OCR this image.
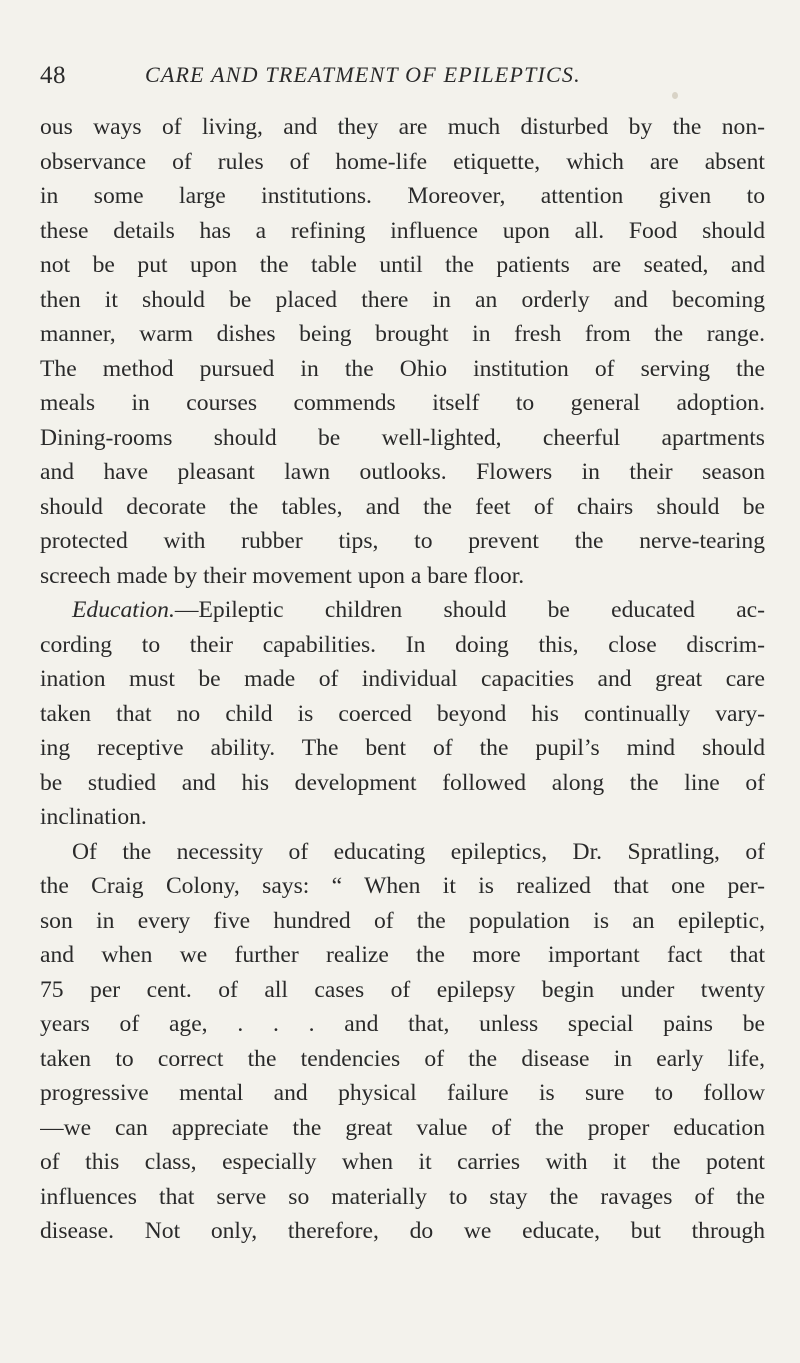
48	CARE AND TREATMENT OF EPILEPTICS.
ous ways of living, and they are much disturbed by the non-
observance of rules of home-life etiquette, which are absent
in some large institutions. Moreover, attention given to
these details has a refining influence upon all. Food should
not be put upon the table until the patients are seated, and
then it should be placed there in an orderly and becoming
manner, warm dishes being brought in fresh from the range.
The method pursued in the Ohio institution of serving the
meals in courses commends itself to general adoption.
Dining-rooms should be well-lighted, cheerful apartments
and have pleasant lawn outlooks. Flowers in their season
should decorate the tables, and the feet of chairs should be
protected with rubber tips, to prevent the nerve-tearing
screech made by their movement upon a bare floor.
Education.—Epileptic children should be educated ac-
cording to their capabilities. In doing this, close discrim-
ination must be made of individual capacities and great care
taken that no child is coerced beyond his continually vary-
ing receptive ability. The bent of the pupil’s mind should
be studied and his development followed along the line of
inclination.
Of the necessity of educating epileptics, Dr. Spratling, of
the Craig Colony, says: “ When it is realized that one per-
son in every five hundred of the population is an epileptic,
and when we further realize the more important fact that
75 per cent. of all cases of epilepsy begin under twenty
years of age, . . . and that, unless special pains be
taken to correct the tendencies of the disease in early life,
progressive mental and physical failure is sure to follow
—we can appreciate the great value of the proper education
of this class, especially when it carries with it the potent
influences that serve so materially to stay the ravages of the
disease. Not only, therefore, do we educate, but through
